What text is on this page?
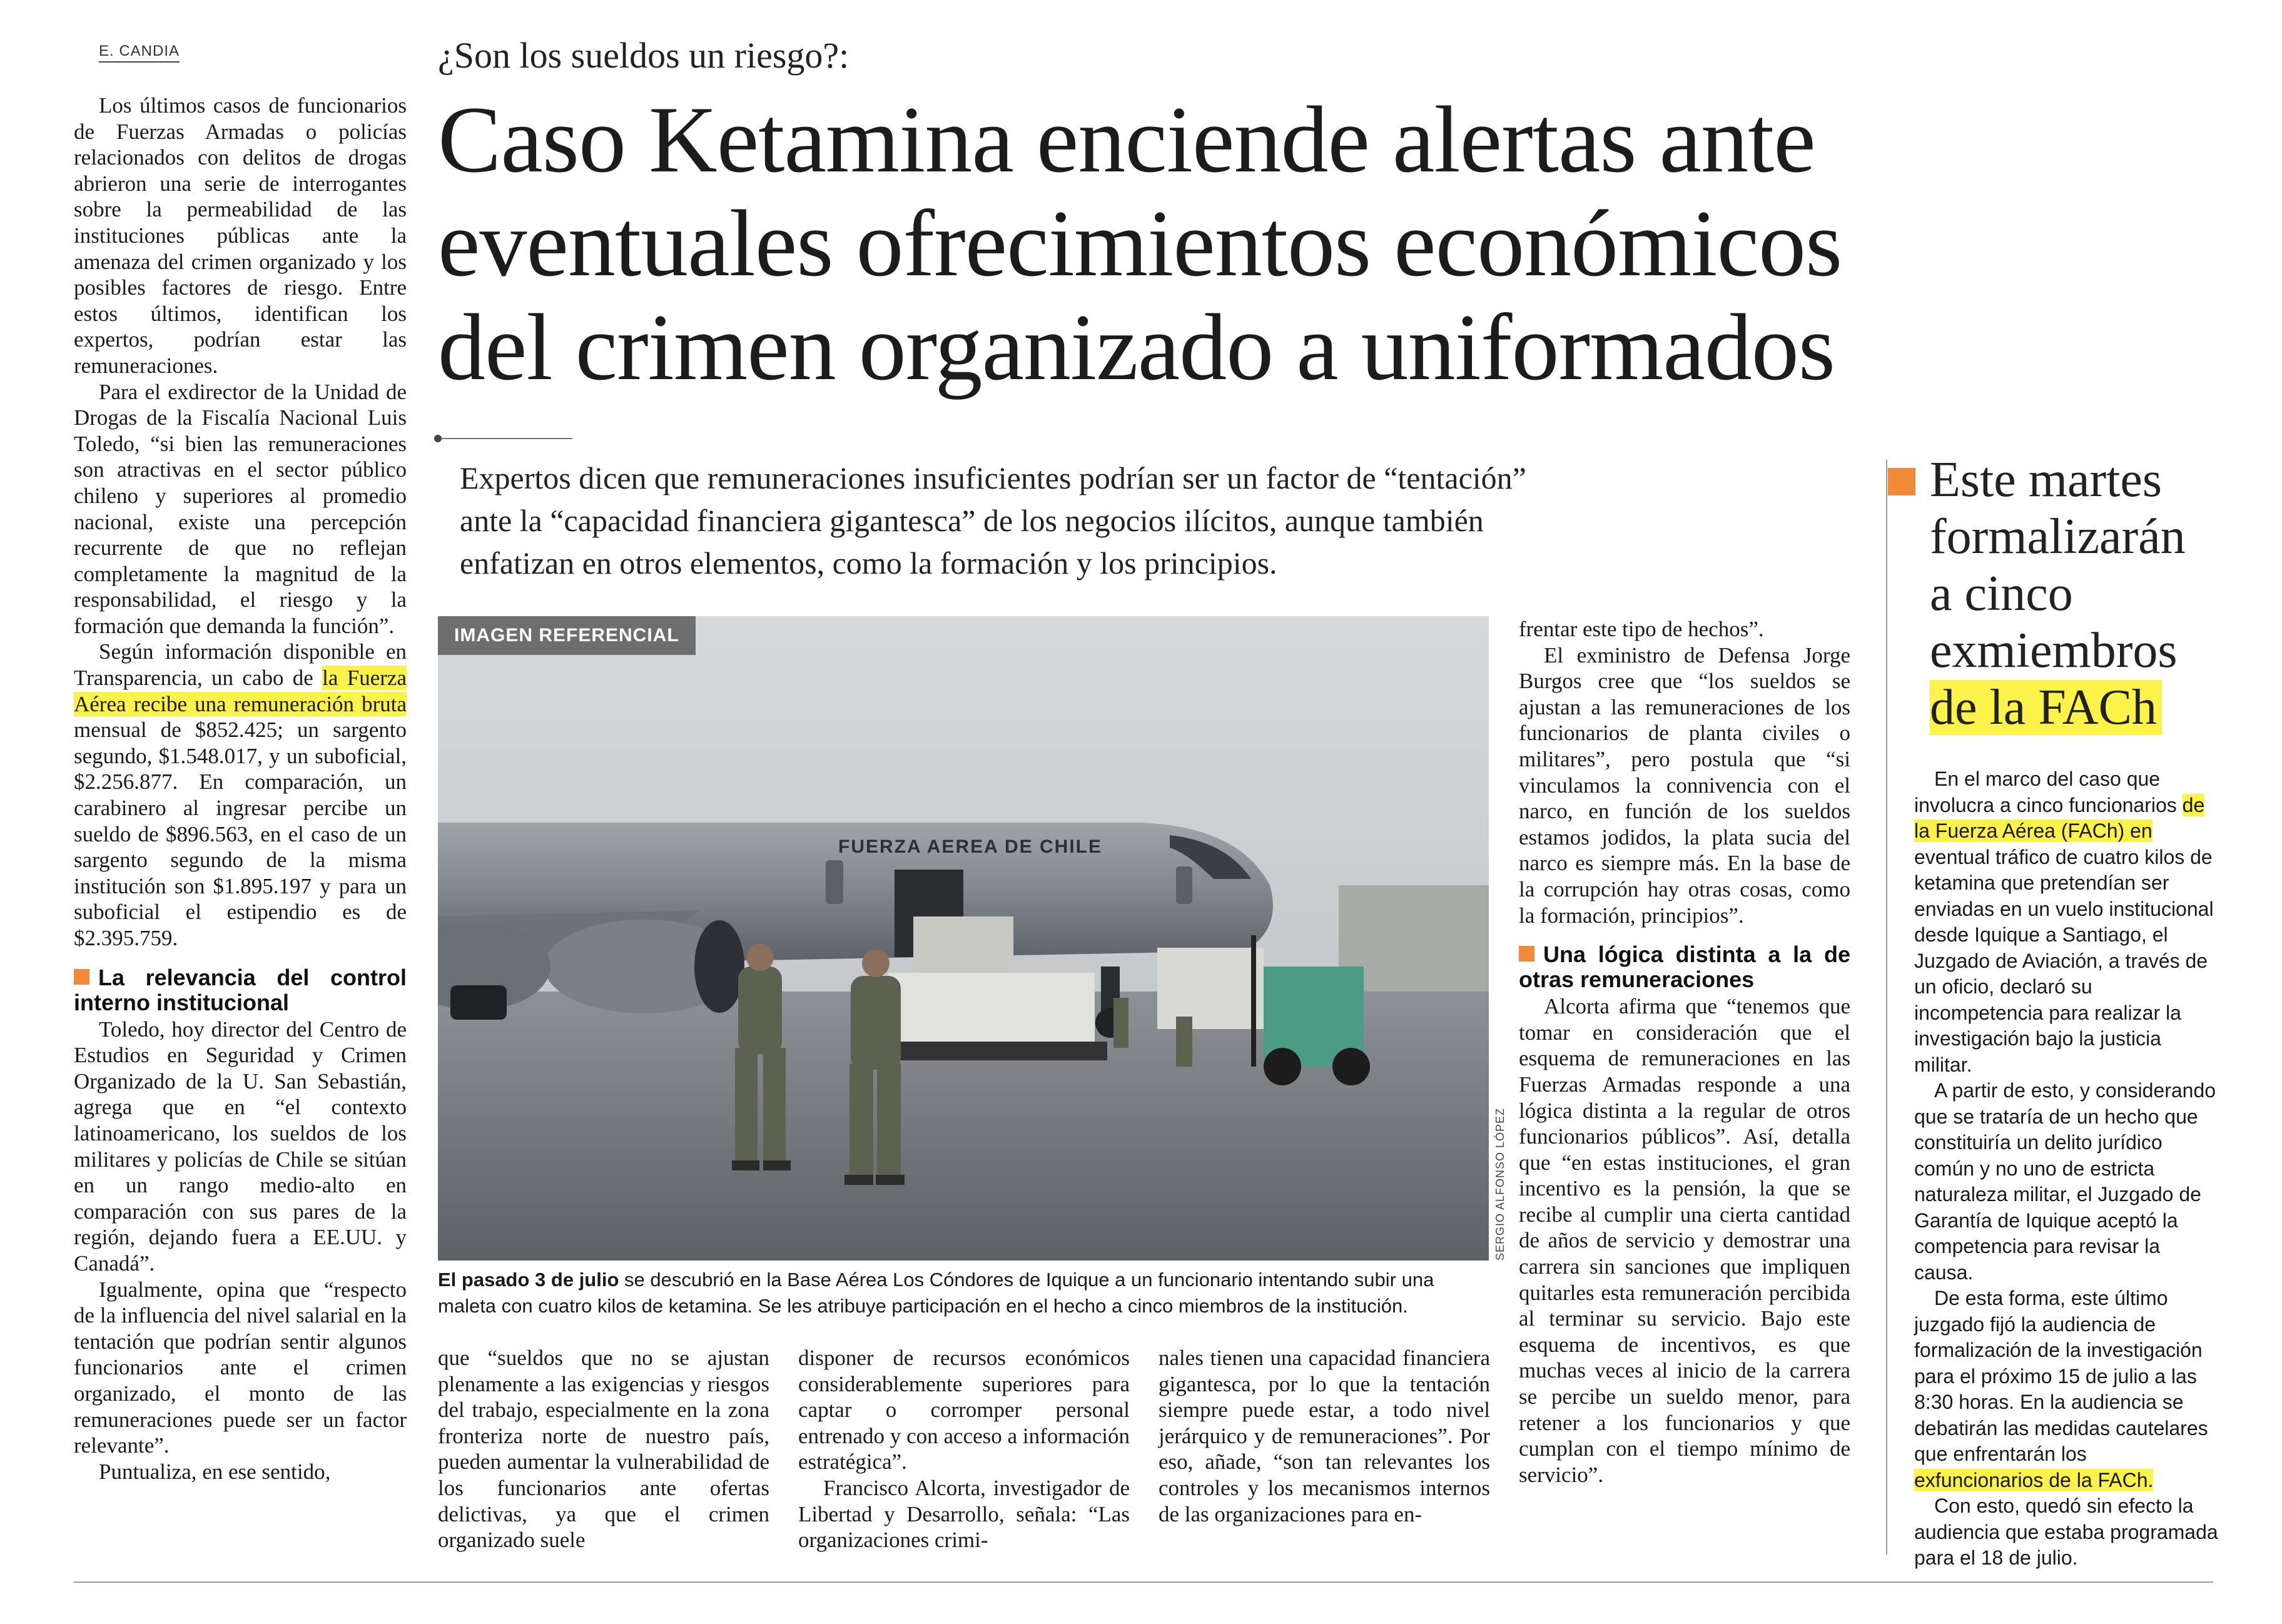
E. CANDIA	¿Son los sueldos un riesgo?:
Caso Ketamina enciende alertas ante
eventuales ofrecimientos económicos
del crimen organizado a uniformados
Expertos dicen que remuneraciones insuficientes podrían ser un factor de “tentación”
ante la “capacidad financiera gigantesca” de los negocios ilícitos, aunque también
enfatizan en otros elementos, como la formación y los principios.

Los últimos casos de funcionarios de Fuerzas Armadas o policías relacionados con delitos de drogas abrieron una serie de interrogantes sobre la permeabilidad de las instituciones públicas ante la amenaza del crimen organizado y los posibles factores de riesgo. Entre estos últimos, identifican los expertos, podrían estar las remuneraciones.

Para el exdirector de la Unidad de Drogas de la Fiscalía Nacional Luis Toledo, “si bien las remuneraciones son atractivas en el sector público chileno y superiores al promedio nacional, existe una percepción recurrente de que no reflejan completamente la magnitud de la responsabilidad, el riesgo y la formación que demanda la función”.

Según información disponible en Transparencia, un cabo de la Fuerza Aérea recibe una remuneración bruta mensual de $852.425; un sargento segundo, $1.548.017, y un suboficial, $2.256.877. En comparación, un carabinero al ingresar percibe un sueldo de $896.563, en el caso de un sargento segundo de la misma institución son $1.895.197 y para un suboficial el estipendio es de $2.395.759.

La relevancia del control interno institucional

Toledo, hoy director del Centro de Estudios en Seguridad y Crimen Organizado de la U. San Sebastián, agrega que en “el contexto latinoamericano, los sueldos de los militares y policías de Chile se sitúan en un rango medio-alto en comparación con sus pares de la región, dejando fuera a EE.UU. y Canadá”.

Igualmente, opina que “respecto de la influencia del nivel salarial en la tentación que podrían sentir algunos funcionarios ante el crimen organizado, el monto de las remuneraciones puede ser un factor relevante”.

Puntualiza, en ese sentido,

FUERZA AEREA DE CHILE
IMAGEN REFERENCIAL
SERGIO ALFONSO LÓPEZ
El pasado 3 de julio se descubrió en la Base Aérea Los Cóndores de Iquique a un funcionario intentando subir una maleta con cuatro kilos de ketamina. Se les atribuye participación en el hecho a cinco miembros de la institución.

que “sueldos que no se ajustan plenamente a las exigencias y riesgos del trabajo, especialmente en la zona fronteriza norte de nuestro país, pueden aumentar la vulnerabilidad de los funcionarios ante ofertas delictivas, ya que el crimen organizado suele

disponer de recursos económicos considerablemente superiores para captar o corromper personal entrenado y con acceso a información estratégica”.

Francisco Alcorta, investigador de Libertad y Desarrollo, señala: “Las organizaciones crimi-

nales tienen una capacidad financiera gigantesca, por lo que la tentación siempre puede estar, a todo nivel jerárquico y de remuneraciones”. Por eso, añade, “son tan relevantes los controles y los mecanismos internos de las organizaciones para en-

frentar este tipo de hechos”.

El exministro de Defensa Jorge Burgos cree que “los sueldos se ajustan a las remuneraciones de los funcionarios de planta civiles o militares”, pero postula que “si vinculamos la connivencia con el narco, en función de los sueldos estamos jodidos, la plata sucia del narco es siempre más. En la base de la corrupción hay otras cosas, como la formación, principios”.

Una lógica distinta a la de otras remuneraciones

Alcorta afirma que “tenemos que tomar en consideración que el esquema de remuneraciones en las Fuerzas Armadas responde a una lógica distinta a la regular de otros funcionarios públicos”. Así, detalla que “en estas instituciones, el gran incentivo es la pensión, la que se recibe al cumplir una cierta cantidad de años de servicio y demostrar una carrera sin sanciones que impliquen quitarles esta remuneración percibida al terminar su servicio. Bajo este esquema de incentivos, es que muchas veces al inicio de la carrera se percibe un sueldo menor, para retener a los funcionarios y que cumplan con el tiempo mínimo de servicio”.

Este martes
formalizarán
a cinco
exmiembros
de la FACh

En el marco del caso que involucra a cinco funcionarios de la Fuerza Aérea (FACh) en eventual tráfico de cuatro kilos de ketamina que pretendían ser enviadas en un vuelo institucional desde Iquique a Santiago, el Juzgado de Aviación, a través de un oficio, declaró su incompetencia para realizar la investigación bajo la justicia militar.

A partir de esto, y considerando que se trataría de un hecho que constituiría un delito jurídico común y no uno de estricta naturaleza militar, el Juzgado de Garantía de Iquique aceptó la competencia para revisar la causa.

De esta forma, este último juzgado fijó la audiencia de formalización de la investigación para el próximo 15 de julio a las 8:30 horas. En la audiencia se debatirán las medidas cautelares que enfrentarán los exfuncionarios de la FACh.

Con esto, quedó sin efecto la audiencia que estaba programada para el 18 de julio.
